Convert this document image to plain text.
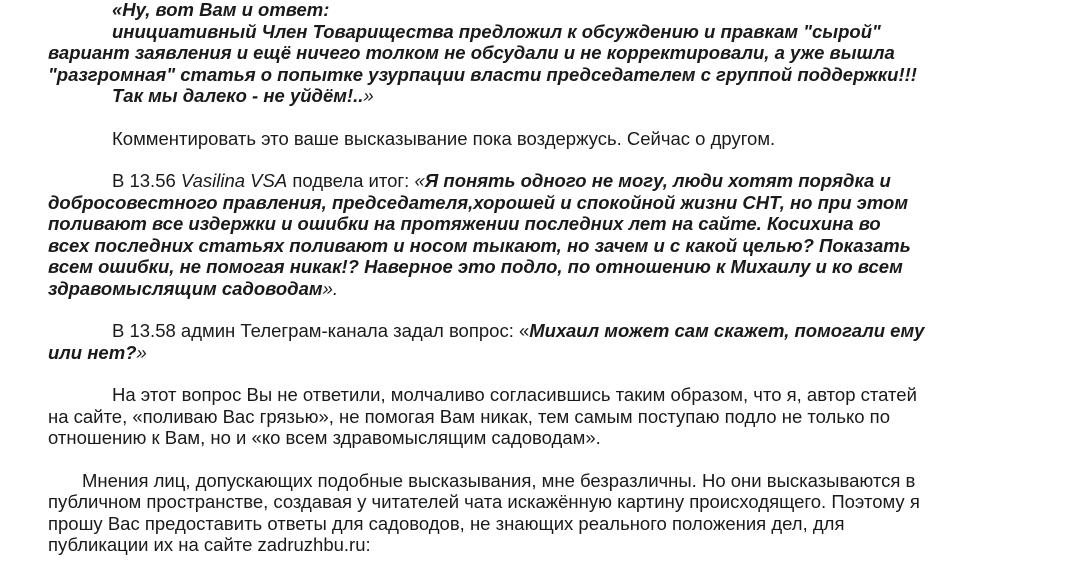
«Ну, вот Вам и ответ:

инициативный Член Товарищества предложил к обсуждению и правкам "сырой"

вариант заявления и ещё ничего толком не обсудали и не корректировали, а уже вышла

"разгромная" статья о попытке узурпации власти председателем с группой поддержки!!!

Так мы далеко - не уйдём!..»

Комментировать это ваше высказывание пока воздержусь. Сейчас о другом.

В 13.56 Vasilina VSA подвела итог: «Я понять одного не могу, люди хотят порядка и

добросовестного правления, председателя,хорошей и спокойной жизни СНТ, но при этом

поливают все издержки и ошибки на протяжении последних лет на сайте. Косихина во

всех последних статьях поливают и носом тыкают, но зачем и с какой целью? Показать

всем ошибки, не помогая никак!? Наверное это подло, по отношению к Михаилу и ко всем

здравомыслящим садоводам».

В 13.58 админ Телеграм-канала задал вопрос: «Михаил может сам скажет, помогали ему

или нет?»

На этот вопрос Вы не ответили, молчаливо согласившись таким образом, что я, автор статей

на сайте, «поливаю Вас грязью», не помогая Вам никак, тем самым поступаю подло не только по

отношению к Вам, но и «ко всем здравомыслящим садоводам».

Мнения лиц, допускающих подобные высказывания, мне безразличны. Но они высказываются в

публичном пространстве, создавая у читателей чата искажённую картину происходящего. Поэтому я

прошу Вас предоставить ответы для садоводов, не знающих реального положения дел, для

публикации их на сайте zadruzhbu.ru:
